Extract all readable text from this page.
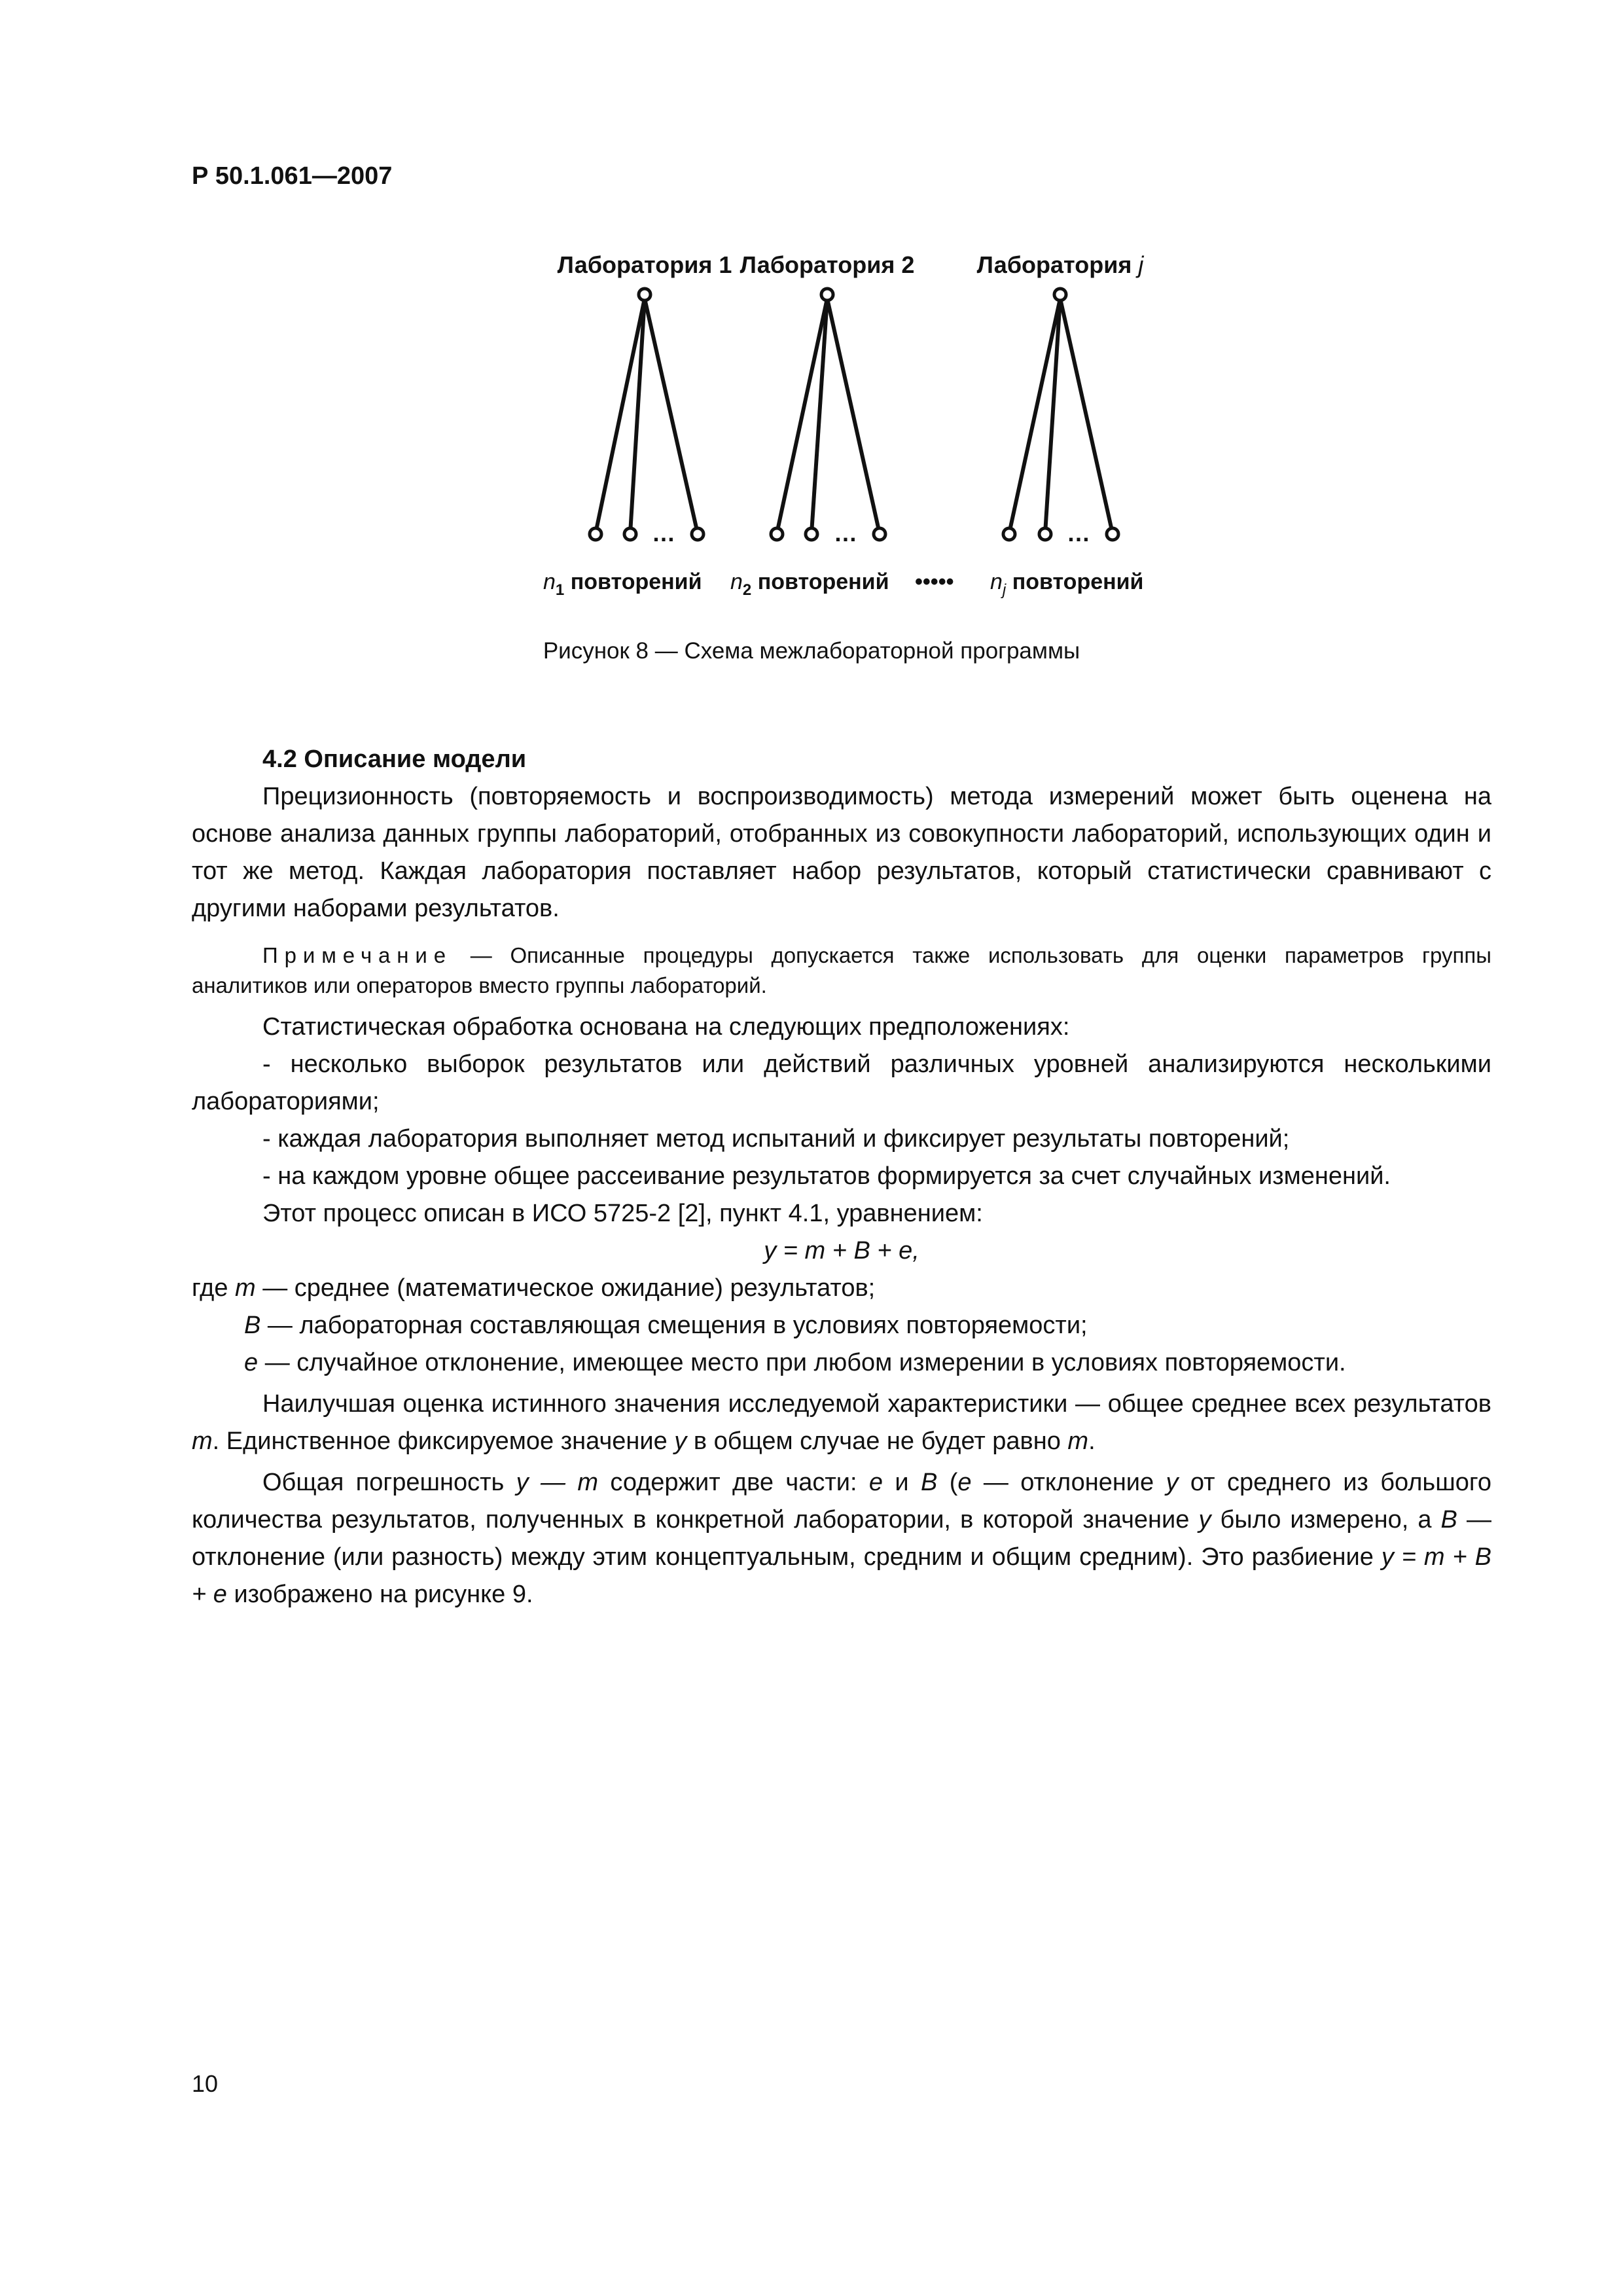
Р 50.1.061—2007
Лаборатория 1 Лаборатория 2	Лаборатория j
…	…	…
$n_1$ повторений $n_2$ повторений ••••• $n_j$ повторений
Рисунок 8 — Схема межлабораторной программы
4.2 Описание модели

Прецизионность (повторяемость и воспроизводимость) метода измерений может быть оценена на основе анализа данных группы лабораторий, отобранных из совокупности лабораторий, использующих один и тот же метод. Каждая лаборатория поставляет набор результатов, который статистически сравнивают с другими наборами результатов.

Примечание — Описанные процедуры допускается также использовать для оценки параметров группы аналитиков или операторов вместо группы лабораторий.

Статистическая обработка основана на следующих предположениях:

- несколько выборок результатов или действий различных уровней анализируются несколькими лабораториями;

- каждая лаборатория выполняет метод испытаний и фиксирует результаты повторений;

- на каждом уровне общее рассеивание результатов формируется за счет случайных изменений.

Этот процесс описан в ИСО 5725-2 [2], пункт 4.1, уравнением:

y = m + B + e,

где m — среднее (математическое ожидание) результатов;

B — лабораторная составляющая смещения в условиях повторяемости;

e — случайное отклонение, имеющее место при любом измерении в условиях повторяемости.

Наилучшая оценка истинного значения исследуемой характеристики — общее среднее всех результатов m. Единственное фиксируемое значение y в общем случае не будет равно m.

Общая погрешность y — m содержит две части: e и B (e — отклонение y от среднего из большого количества результатов, полученных в конкретной лаборатории, в которой значение y было измерено, а B — отклонение (или разность) между этим концептуальным, средним и общим средним). Это разбиение y = m + B + e изображено на рисунке 9.

10
